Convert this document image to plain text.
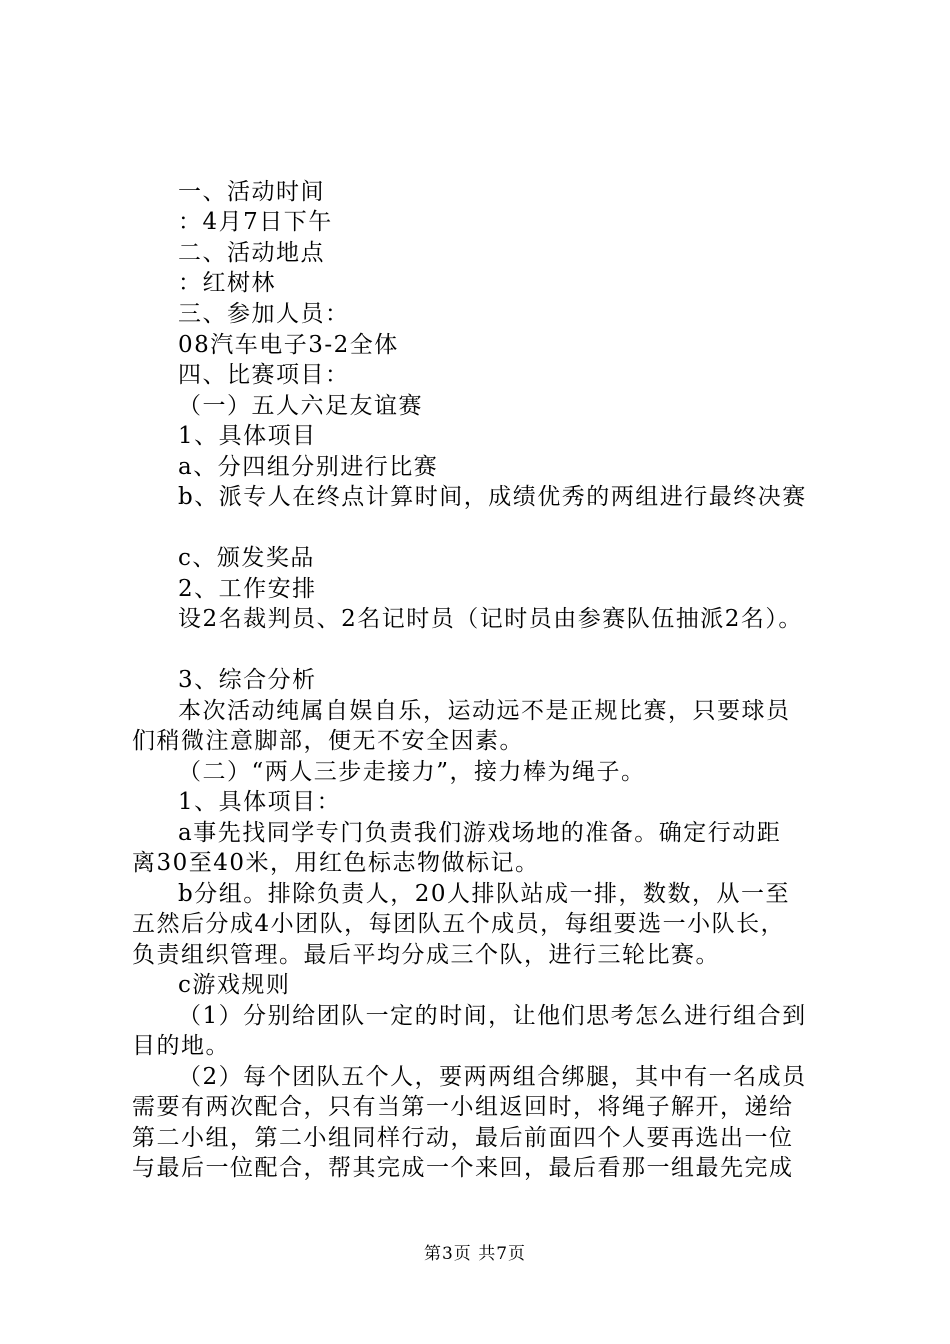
一、活动时间

：4月7日下午

二、活动地点

：红树林

三、参加人员：

08汽车电子3-2全体

四、比赛项目：

（一）五人六足友谊赛

1、具体项目

a、分四组分别进行比赛

b、派专人在终点计算时间，成绩优秀的两组进行最终决赛

c、颁发奖品

2、工作安排

设2名裁判员、2名记时员（记时员由参赛队伍抽派2名）。

3、综合分析

本次活动纯属自娱自乐，运动远不是正规比赛，只要球员

们稍微注意脚部，便无不安全因素。

（二）“两人三步走接力”，接力棒为绳子。

1、具体项目：

a事先找同学专门负责我们游戏场地的准备。确定行动距

离30至40米，用红色标志物做标记。

b分组。排除负责人，20人排队站成一排，数数，从一至

五然后分成4小团队，每团队五个成员，每组要选一小队长，

负责组织管理。最后平均分成三个队，进行三轮比赛。

c游戏规则

（1）分别给团队一定的时间，让他们思考怎么进行组合到

目的地。

（2）每个团队五个人，要两两组合绑腿，其中有一名成员

需要有两次配合，只有当第一小组返回时，将绳子解开，递给

第二小组，第二小组同样行动，最后前面四个人要再选出一位

与最后一位配合，帮其完成一个来回，最后看那一组最先完成

第3页 共7页
